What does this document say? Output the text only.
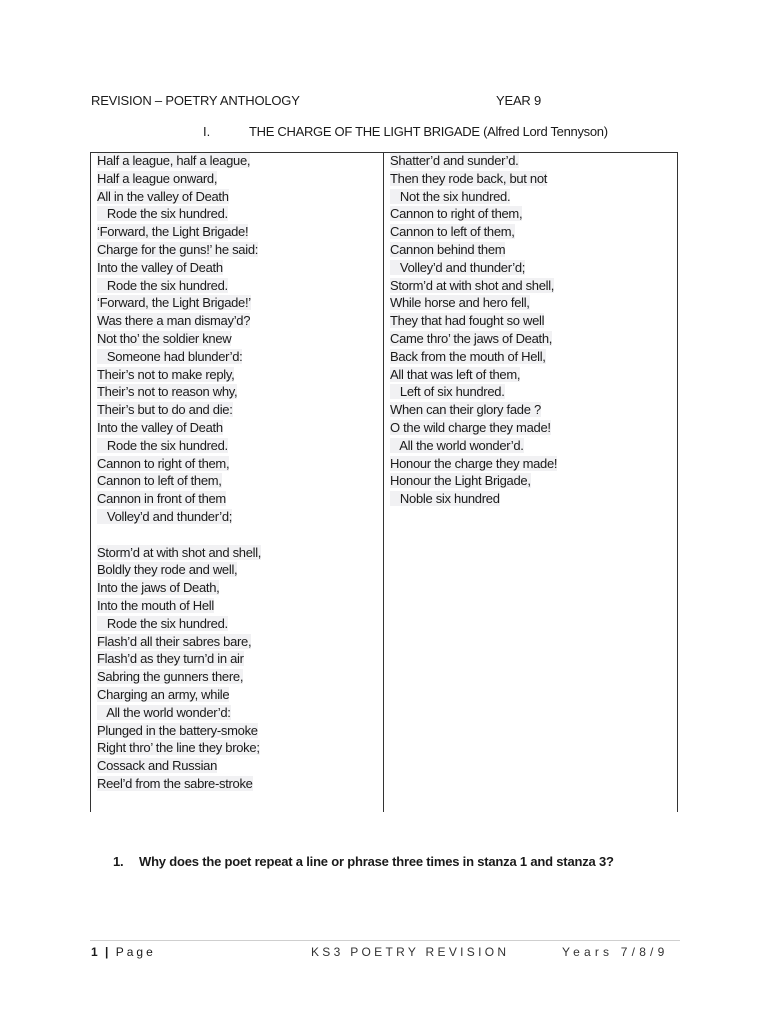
REVISION – POETRY ANTHOLOGY	YEAR 9
I.	THE CHARGE OF THE LIGHT BRIGADE (Alfred Lord Tennyson)
Half a league, half a league,
Half a league onward,
All in the valley of Death
Rode the six hundred.
‘Forward, the Light Brigade!
Charge for the guns!’ he said:
Into the valley of Death
Rode the six hundred.
‘Forward, the Light Brigade!’
Was there a man dismay’d?
Not tho’ the soldier knew
Someone had blunder’d:
Their’s not to make reply,
Their’s not to reason why,
Their’s but to do and die:
Into the valley of Death
Rode the six hundred.
Cannon to right of them,
Cannon to left of them,
Cannon in front of them
Volley’d and thunder’d;
Storm’d at with shot and shell,
Boldly they rode and well,
Into the jaws of Death,
Into the mouth of Hell
Rode the six hundred.
Flash’d all their sabres bare,
Flash’d as they turn’d in air
Sabring the gunners there,
Charging an army, while
All the world wonder’d:
Plunged in the battery-smoke
Right thro’ the line they broke;
Cossack and Russian
Reel’d from the sabre-stroke
Shatter’d and sunder’d.
Then they rode back, but not
Not the six hundred.
Cannon to right of them,
Cannon to left of them,
Cannon behind them
Volley’d and thunder’d;
Storm’d at with shot and shell,
While horse and hero fell,
They that had fought so well
Came thro’ the jaws of Death,
Back from the mouth of Hell,
All that was left of them,
Left of six hundred.
When can their glory fade ?
O the wild charge they made!
All the world wonder’d.
Honour the charge they made!
Honour the Light Brigade,
Noble six hundred
1. Why does the poet repeat a line or phrase three times in stanza 1 and stanza 3?
1 | Page	KS3 POETRY REVISION	Years 7/8/9
